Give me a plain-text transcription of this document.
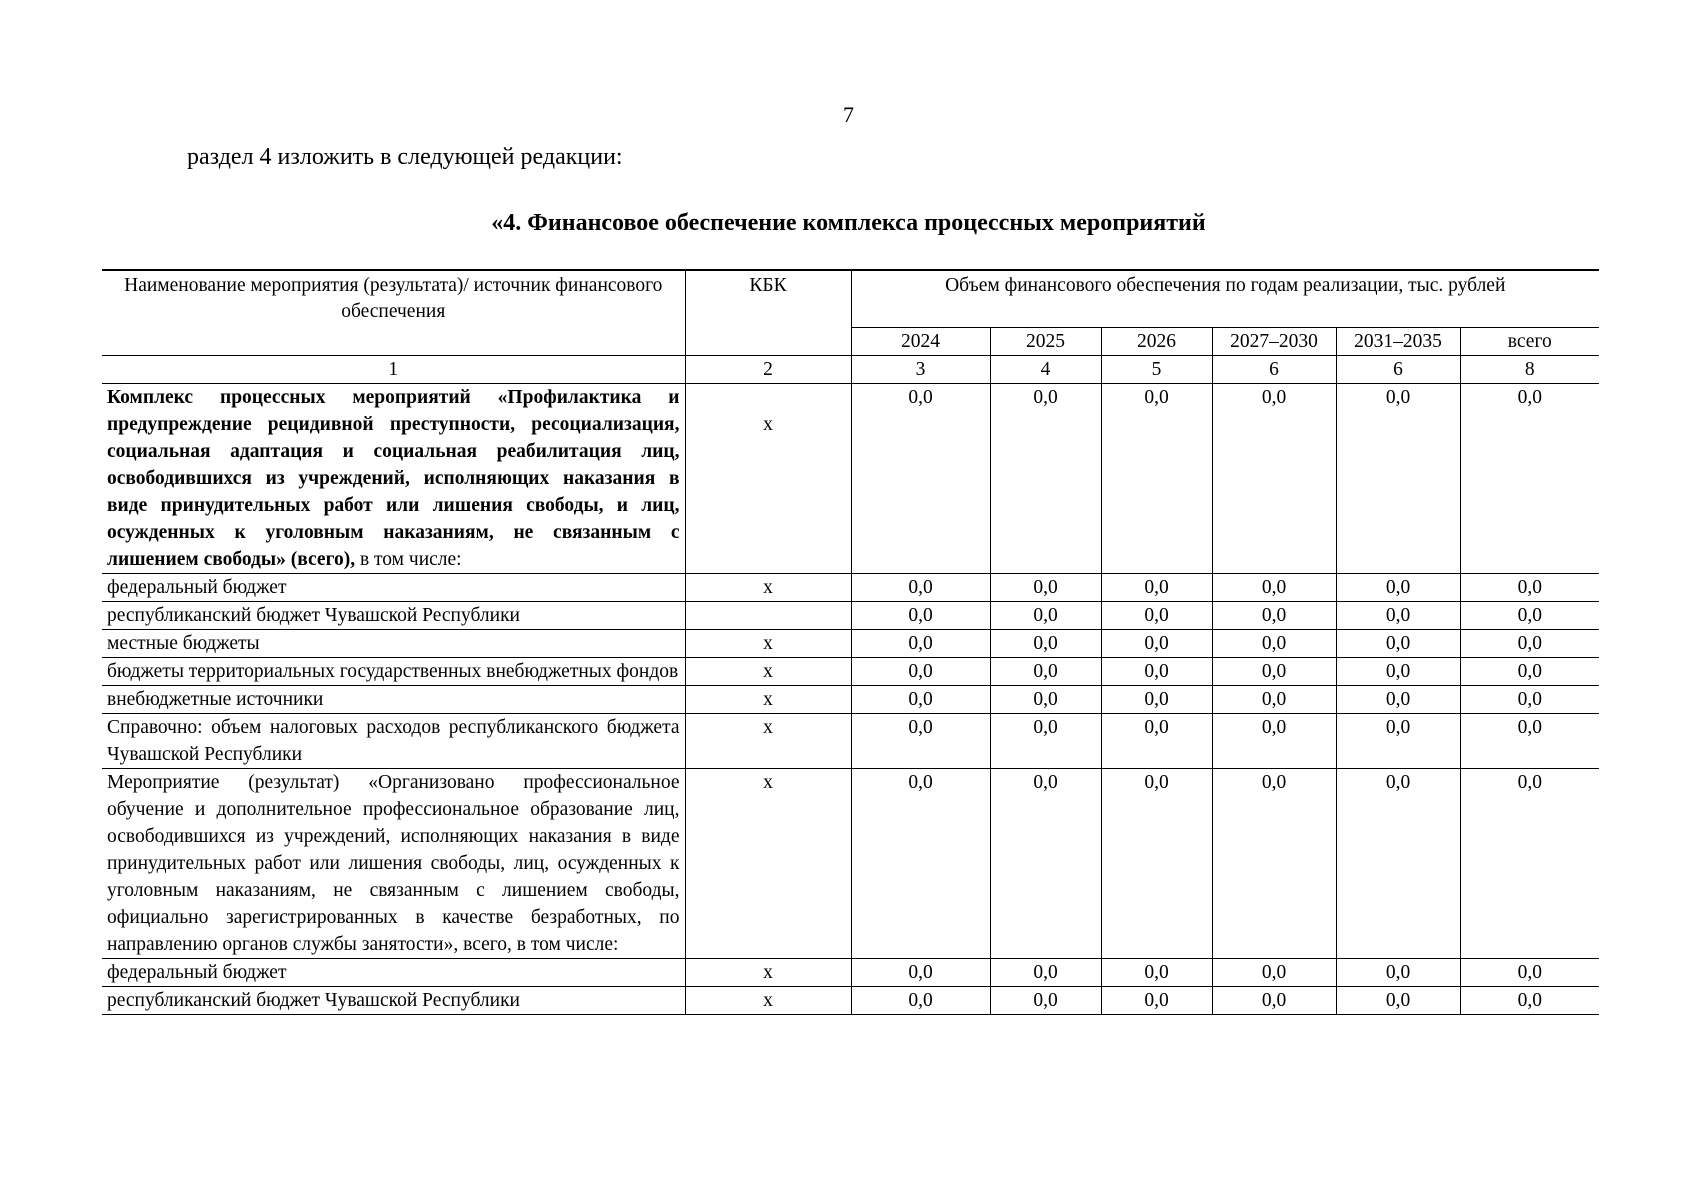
7
раздел 4 изложить в следующей редакции:
«4. Финансовое обеспечение комплекса процессных мероприятий
Наименование мероприятия (результата)/ источник финансового обеспечения	КБК	Объем финансового обеспечения по годам реализации, тыс. рублей					
		2024	2025	2026	2027–2030	2031–2035	всего
1	2	3	4	5	6	6	8
Комплекс процессных мероприятий «Профилактика и предупреждение рецидивной преступности, ресоциализация, социальная адаптация и социальная реабилитация лиц, освободившихся из учреждений, исполняющих наказания в виде принудительных работ или лишения свободы, и лиц, осужденных к уголовным наказаниям, не связанным с лишением свободы» (всего), в том числе:	x	0,0	0,0	0,0	0,0	0,0	0,0
федеральный бюджет	x	0,0	0,0	0,0	0,0	0,0	0,0
республиканский бюджет Чувашской Республики		0,0	0,0	0,0	0,0	0,0	0,0
местные бюджеты	x	0,0	0,0	0,0	0,0	0,0	0,0
бюджеты территориальных государственных внебюджетных фондов	x	0,0	0,0	0,0	0,0	0,0	0,0
внебюджетные источники	x	0,0	0,0	0,0	0,0	0,0	0,0
Справочно: объем налоговых расходов республиканского бюджета Чувашской Республики	x	0,0	0,0	0,0	0,0	0,0	0,0
Мероприятие (результат) «Организовано профессиональное обучение и дополнительное профессиональное образование лиц, освободившихся из учреждений, исполняющих наказания в виде принудительных работ или лишения свободы, лиц, осужденных к уголовным наказаниям, не связанным с лишением свободы, официально зарегистрированных в качестве безработных, по направлению органов службы занятости», всего, в том числе:	x	0,0	0,0	0,0	0,0	0,0	0,0
федеральный бюджет	x	0,0	0,0	0,0	0,0	0,0	0,0
республиканский бюджет Чувашской Республики	x	0,0	0,0	0,0	0,0	0,0	0,0
